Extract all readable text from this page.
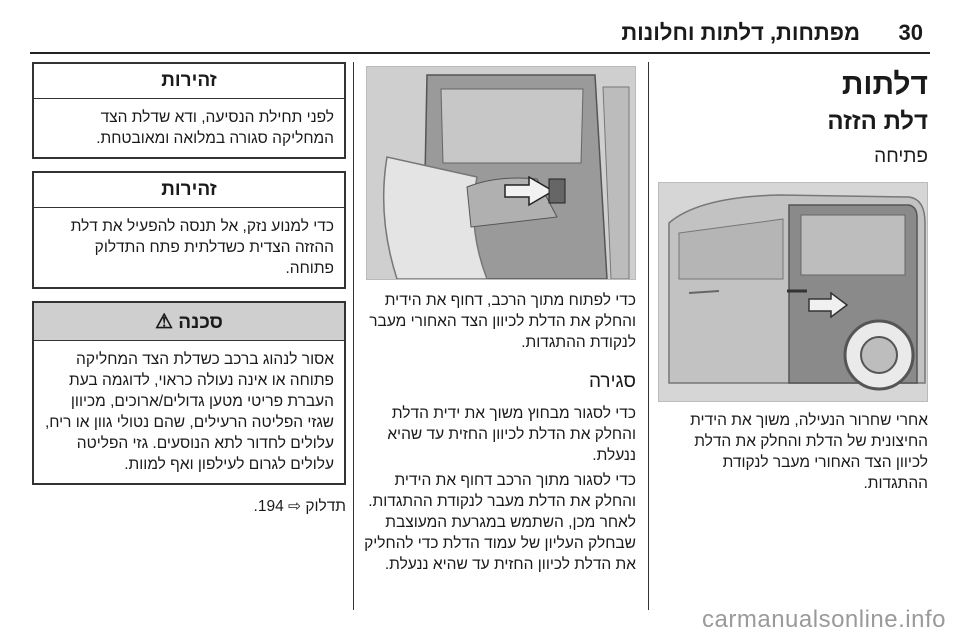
30
מפתחות, דלתות וחלונות
דלתות
דלת הזזה
פתיחה

אחרי שחרור הנעילה, משוך את הידית החיצונית של הדלת והחלק את הדלת לכיוון הצד האחורי מעבר לנקודת ההתגדות.

כדי לפתוח מתוך הרכב, דחוף את הידית והחלק את הדלת לכיוון הצד האחורי מעבר לנקודת ההתגדות.

סגירה

כדי לסגור מבחוץ משוך את ידית הדלת והחלק את הדלת לכיוון החזית עד שהיא ננעלת.

כדי לסגור מתוך הרכב דחוף את הידית והחלק את הדלת מעבר לנקודת ההתגדות. לאחר מכן, השתמש במגרעת המעוצבת שבחלק העליון של עמוד הדלת כדי להחליק את הדלת לכיוון החזית עד שהיא ננעלת.

זהירות
לפני תחילת הנסיעה, ודא שדלת הצד המחליקה סגורה במלואה ומאובטחת.
זהירות
כדי למנוע נזק, אל תנסה להפעיל את דלת ההזזה הצדית כשדלתית פתח התדלוק פתוחה.
סכנה ⚠
אסור לנהוג ברכב כשדלת הצד המחליקה פתוחה או אינה נעולה כראוי, לדוגמה בעת העברת פריטי מטען גדולים/ארוכים, מכיוון שגזי הפליטה הרעילים, שהם נטולי גוון או ריח, עלולים לחדור לתא הנוסעים. גזי הפליטה עלולים לגרום לעילפון ואף למוות.
תדלוק ⇨ 194.
carmanualsonline.info
